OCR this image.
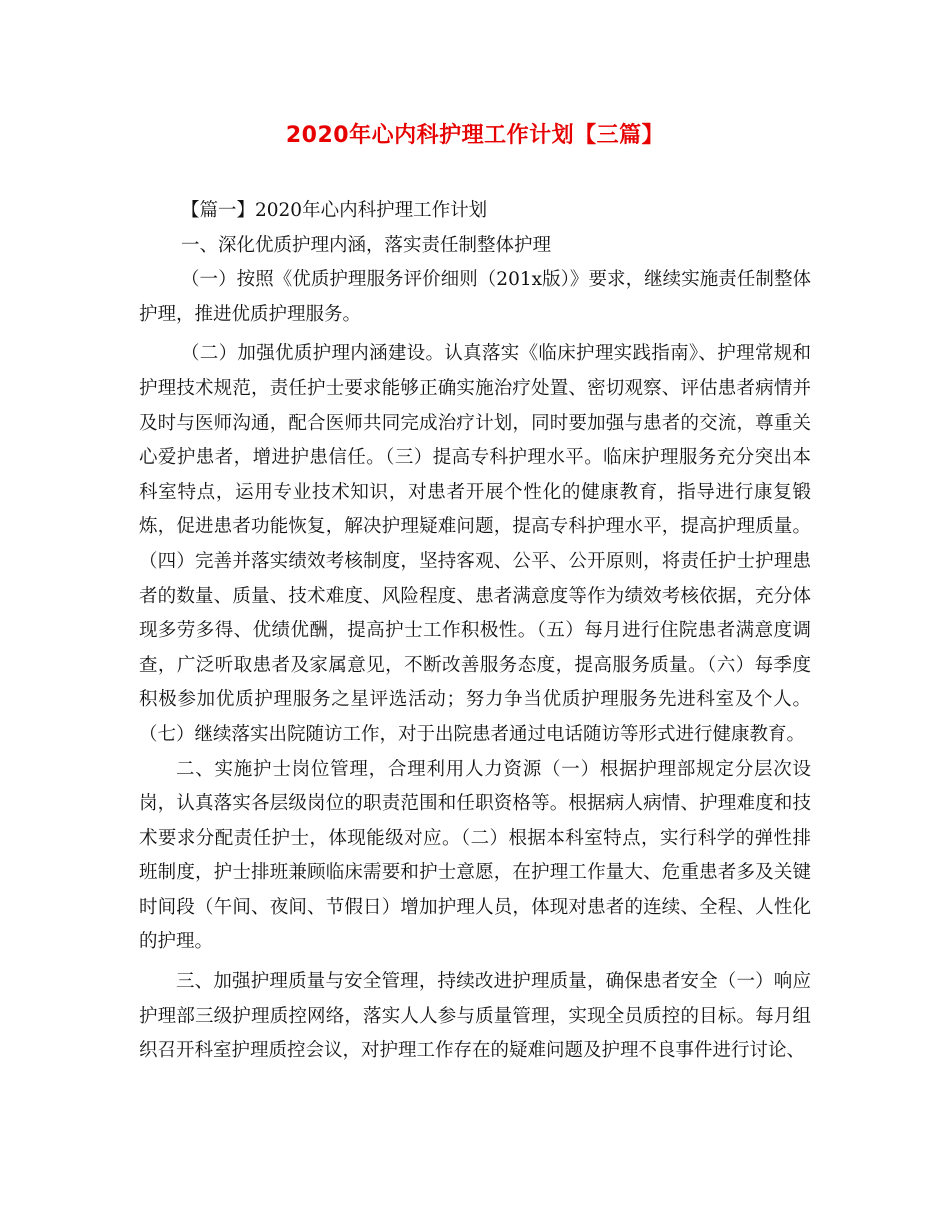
2020年心内科护理工作计划【三篇】

【篇一】2020年心内科护理工作计划

一、深化优质护理内涵，落实责任制整体护理

（一）按照《优质护理服务评价细则（201x版）》要求，继续实施责任制整体护理，推进优质护理服务。

（二）加强优质护理内涵建设。认真落实《临床护理实践指南》、护理常规和护理技术规范，责任护士要求能够正确实施治疗处置、密切观察、评估患者病情并及时与医师沟通，配合医师共同完成治疗计划，同时要加强与患者的交流，尊重关心爱护患者，增进护患信任。（三）提高专科护理水平。临床护理服务充分突出本科室特点，运用专业技术知识，对患者开展个性化的健康教育，指导进行康复锻炼，促进患者功能恢复，解决护理疑难问题，提高专科护理水平，提高护理质量。（四）完善并落实绩效考核制度，坚持客观、公平、公开原则，将责任护士护理患者的数量、质量、技术难度、风险程度、患者满意度等作为绩效考核依据，充分体现多劳多得、优绩优酬，提高护士工作积极性。（五）每月进行住院患者满意度调查，广泛听取患者及家属意见，不断改善服务态度，提高服务质量。（六）每季度积极参加优质护理服务之星评选活动；努力争当优质护理服务先进科室及个人。（七）继续落实出院随访工作，对于出院患者通过电话随访等形式进行健康教育。

二、实施护士岗位管理，合理利用人力资源（一）根据护理部规定分层次设岗，认真落实各层级岗位的职责范围和任职资格等。根据病人病情、护理难度和技术要求分配责任护士，体现能级对应。（二）根据本科室特点，实行科学的弹性排班制度，护士排班兼顾临床需要和护士意愿，在护理工作量大、危重患者多及关键时间段（午间、夜间、节假日）增加护理人员，体现对患者的连续、全程、人性化的护理。

三、加强护理质量与安全管理，持续改进护理质量，确保患者安全（一）响应护理部三级护理质控网络，落实人人参与质量管理，实现全员质控的目标。每月组织召开科室护理质控会议，对护理工作存在的疑难问题及护理不良事件进行讨论、
